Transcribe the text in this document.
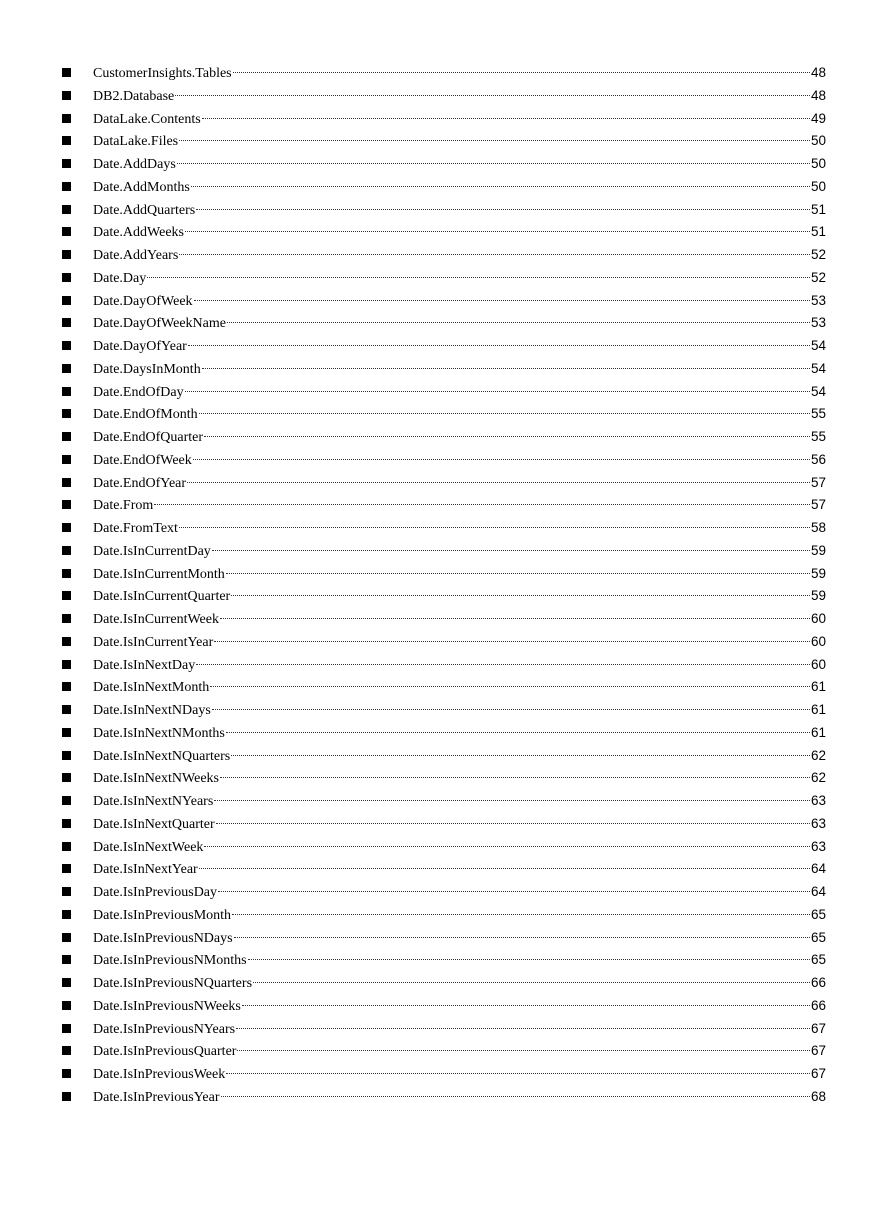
CustomerInsights.Tables	48
DB2.Database	48
DataLake.Contents	49
DataLake.Files	50
Date.AddDays	50
Date.AddMonths	50
Date.AddQuarters	51
Date.AddWeeks	51
Date.AddYears	52
Date.Day	52
Date.DayOfWeek	53
Date.DayOfWeekName	53
Date.DayOfYear	54
Date.DaysInMonth	54
Date.EndOfDay	54
Date.EndOfMonth	55
Date.EndOfQuarter	55
Date.EndOfWeek	56
Date.EndOfYear	57
Date.From	57
Date.FromText	58
Date.IsInCurrentDay	59
Date.IsInCurrentMonth	59
Date.IsInCurrentQuarter	59
Date.IsInCurrentWeek	60
Date.IsInCurrentYear	60
Date.IsInNextDay	60
Date.IsInNextMonth	61
Date.IsInNextNDays	61
Date.IsInNextNMonths	61
Date.IsInNextNQuarters	62
Date.IsInNextNWeeks	62
Date.IsInNextNYears	63
Date.IsInNextQuarter	63
Date.IsInNextWeek	63
Date.IsInNextYear	64
Date.IsInPreviousDay	64
Date.IsInPreviousMonth	65
Date.IsInPreviousNDays	65
Date.IsInPreviousNMonths	65
Date.IsInPreviousNQuarters	66
Date.IsInPreviousNWeeks	66
Date.IsInPreviousNYears	67
Date.IsInPreviousQuarter	67
Date.IsInPreviousWeek	67
Date.IsInPreviousYear	68
